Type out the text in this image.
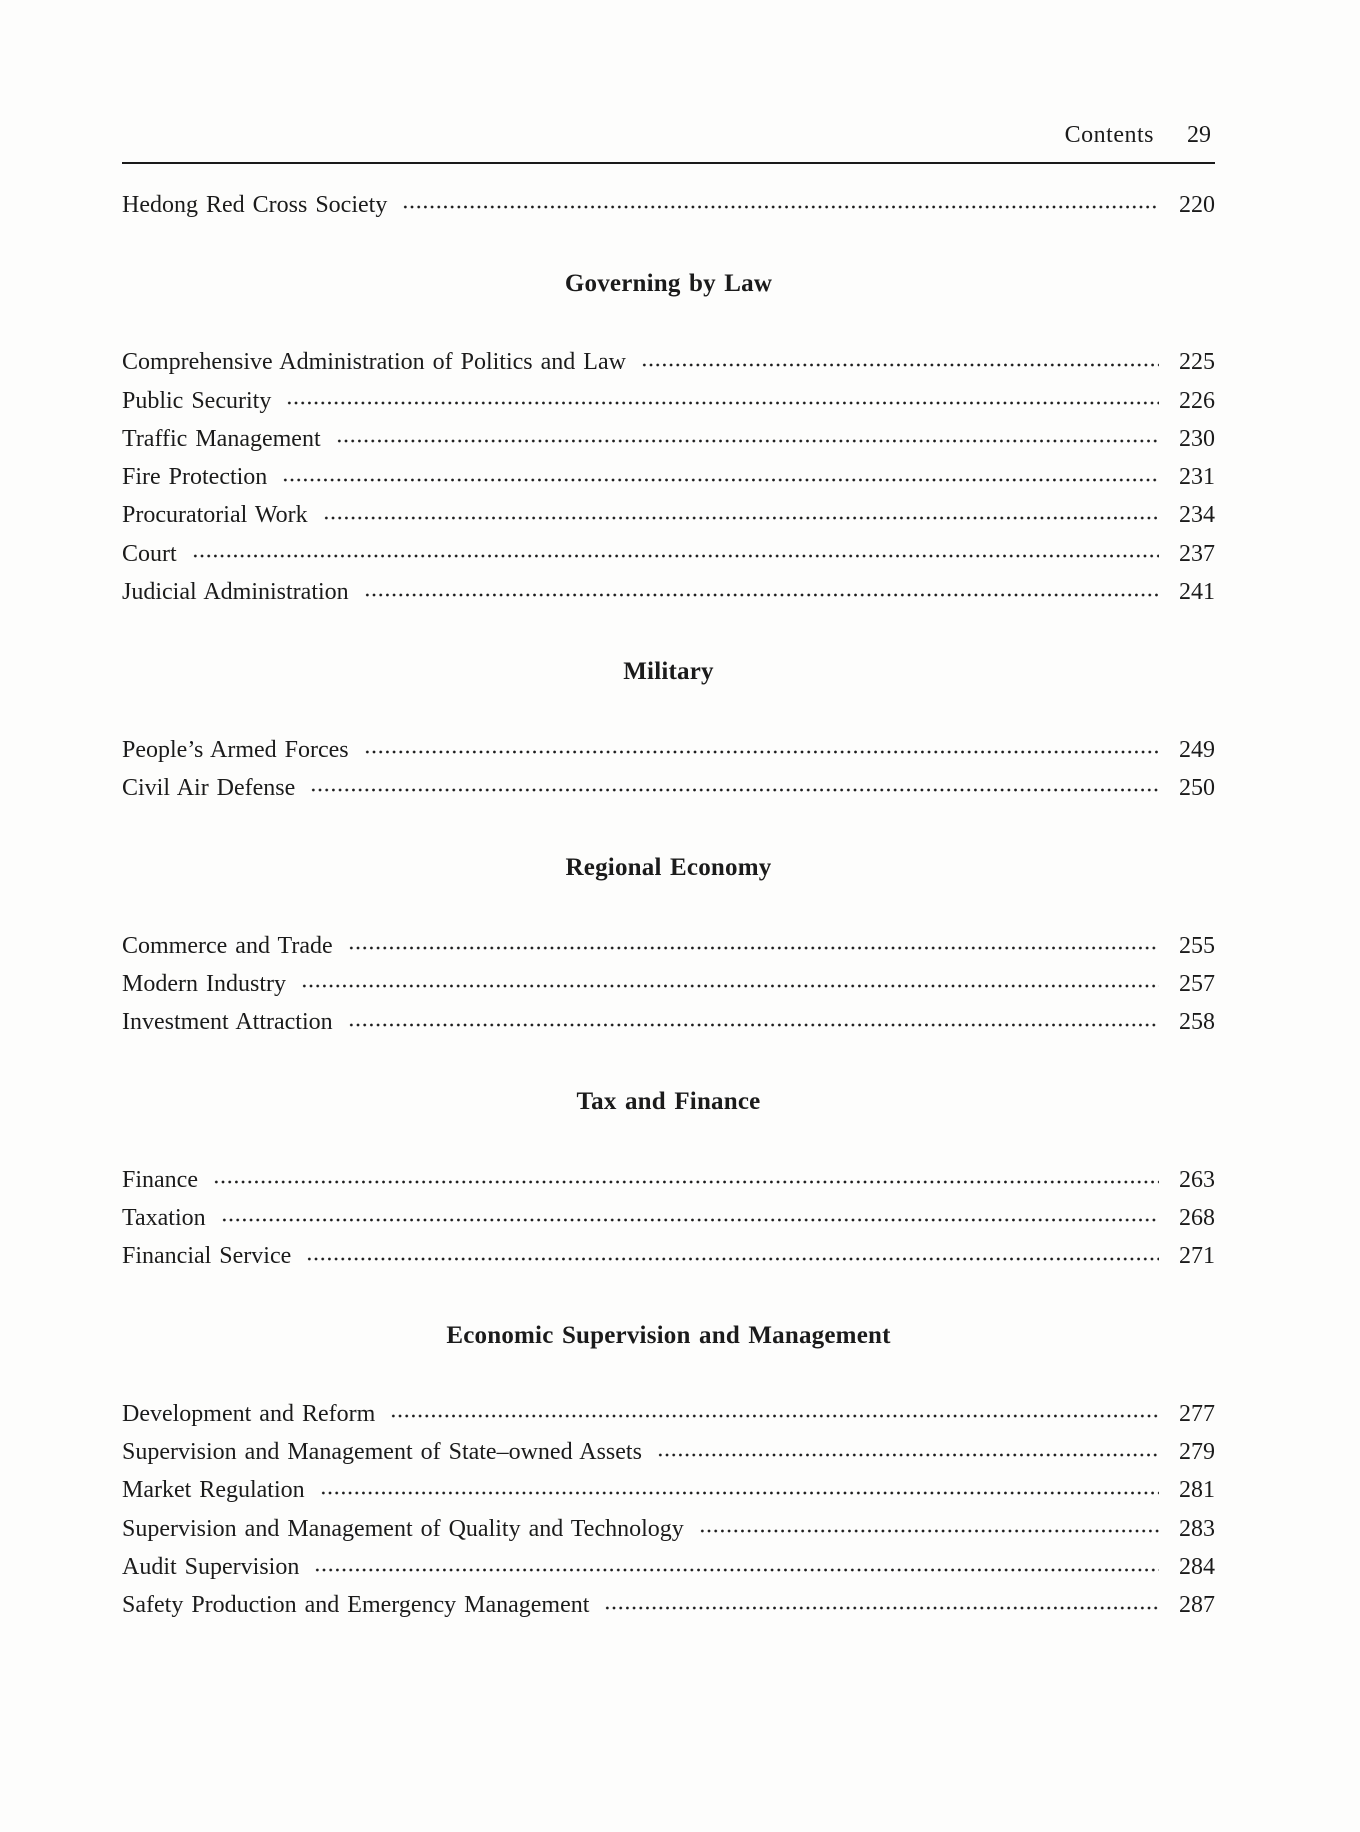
Contents 29
Hedong Red Cross Society	220
Governing by Law
Comprehensive Administration of Politics and Law	225
Public Security	226
Traffic Management	230
Fire Protection	231
Procuratorial Work	234
Court	237
Judicial Administration	241
Military
People’s Armed Forces	249
Civil Air Defense	250
Regional Economy
Commerce and Trade	255
Modern Industry	257
Investment Attraction	258
Tax and Finance
Finance	263
Taxation	268
Financial Service	271
Economic Supervision and Management
Development and Reform	277
Supervision and Management of State–owned Assets	279
Market Regulation	281
Supervision and Management of Quality and Technology	283
Audit Supervision	284
Safety Production and Emergency Management	287
